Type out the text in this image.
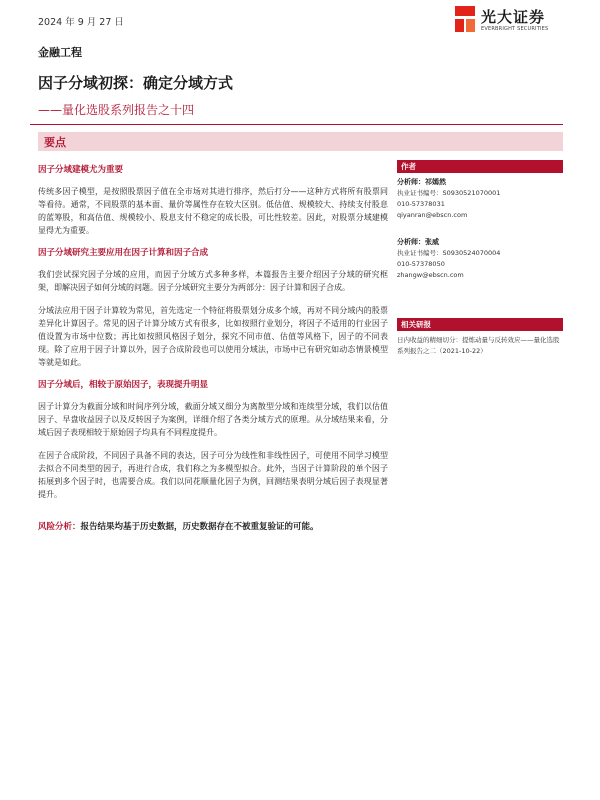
2024 年 9 月 27 日	光大证券
EVERBRIGHT SECURITIES
金融工程
因子分域初探：确定分域方式
——量化选股系列报告之十四
要点
因子分域建模尤为重要

传统多因子模型，是按照股票因子值在全市场对其进行排序，然后打分——这种方式将所有股票同等看待。通常，不同股票的基本面、量价等属性存在较大区别。低估值、规模较大、持续支付股息的蓝筹股，和高估值、规模较小、股息支付不稳定的成长股，可比性较差。因此，对股票分域建模显得尤为重要。

因子分域研究主要应用在因子计算和因子合成

我们尝试探究因子分域的应用，而因子分域方式多种多样，本篇报告主要介绍因子分域的研究框架，即解决因子如何分域的问题。因子分域研究主要分为两部分：因子计算和因子合成。

分域法应用于因子计算较为常见，首先选定一个特征将股票划分成多个域，再对不同分域内的股票差异化计算因子。常见的因子计算分域方式有很多，比如按照行业划分，将因子不适用的行业因子值设置为市场中位数；再比如按照风格因子划分，探究不同市值、估值等风格下，因子的不同表现。除了应用于因子计算以外，因子合成阶段也可以使用分域法，市场中已有研究如动态情景模型等就是如此。

因子分域后，相较于原始因子，表现提升明显

因子计算分为截面分域和时间序列分域，截面分域又细分为离散型分域和连续型分域，我们以估值因子、早盘收益因子以及反转因子为案例，详细介绍了各类分域方式的原理。从分域结果来看，分域后因子表现相较于原始因子均具有不同程度提升。

在因子合成阶段，不同因子具备不同的表达，因子可分为线性和非线性因子，可使用不同学习模型去拟合不同类型的因子，再进行合成，我们称之为多模型拟合。此外，当因子计算阶段的单个因子拓展到多个因子时，也需要合成。我们以同花顺量化因子为例，回测结果表明分域后因子表现显著提升。

风险分析：报告结果均基于历史数据，历史数据存在不被重复验证的可能。
作者
分析师：祁嫣然
执业证书编号：S0930521070001
010-57378031
qiyanran@ebscn.com
分析师：张威
执业证书编号：S0930524070004
010-57378050
zhangw@ebscn.com
相关研报
日内收益的精细切分：提炼动量与反转效应——量化选股系列报告之二（2021-10-22）
